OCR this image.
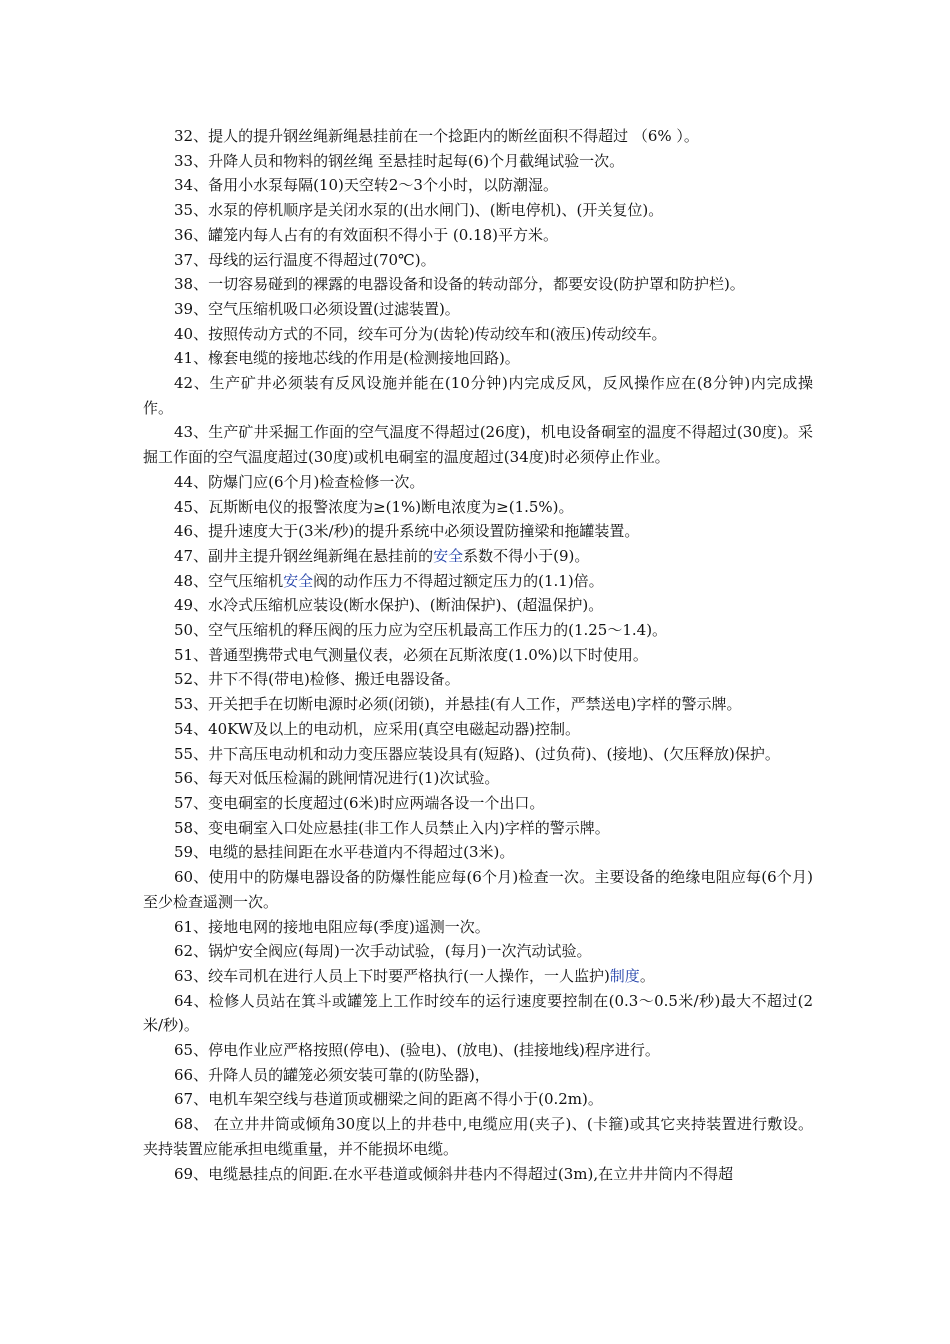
32、提人的提升钢丝绳新绳悬挂前在一个捻距内的断丝面积不得超过 （6% ）。

33、升降人员和物料的钢丝绳 至悬挂时起每(6)个月截绳试验一次。

34、备用小水泵每隔(10)天空转2～3个小时，以防潮湿。

35、水泵的停机顺序是关闭水泵的(出水闸门)、(断电停机)、(开关复位)。

36、罐笼内每人占有的有效面积不得小于 (0.18)平方米。

37、母线的运行温度不得超过(70℃)。

38、一切容易碰到的裸露的电器设备和设备的转动部分，都要安设(防护罩和防护栏)。

39、空气压缩机吸口必须设置(过滤装置)。

40、按照传动方式的不同，绞车可分为(齿轮)传动绞车和(液压)传动绞车。

41、橡套电缆的接地芯线的作用是(检测接地回路)。

42、生产矿井必须装有反风设施并能在(10分钟)内完成反风，反风操作应在(8分钟)内完成操作。

43、生产矿井采掘工作面的空气温度不得超过(26度)，机电设备硐室的温度不得超过(30度)。采掘工作面的空气温度超过(30度)或机电硐室的温度超过(34度)时必须停止作业。

44、防爆门应(6个月)检查检修一次。

45、瓦斯断电仪的报警浓度为≥(1%)断电浓度为≥(1.5%)。

46、提升速度大于(3米/秒)的提升系统中必须设置防撞梁和拖罐装置。

47、副井主提升钢丝绳新绳在悬挂前的安全系数不得小于(9)。

48、空气压缩机安全阀的动作压力不得超过额定压力的(1.1)倍。

49、水冷式压缩机应装设(断水保护)、(断油保护)、(超温保护)。

50、空气压缩机的释压阀的压力应为空压机最高工作压力的(1.25～1.4)。

51、普通型携带式电气测量仪表，必须在瓦斯浓度(1.0%)以下时使用。

52、井下不得(带电)检修、搬迁电器设备。

53、开关把手在切断电源时必须(闭锁)，并悬挂(有人工作，严禁送电)字样的警示牌。

54、40KW及以上的电动机，应采用(真空电磁起动器)控制。

55、井下高压电动机和动力变压器应装设具有(短路)、(过负荷)、(接地)、(欠压释放)保护。

56、每天对低压检漏的跳闸情况进行(1)次试验。

57、变电硐室的长度超过(6米)时应两端各设一个出口。

58、变电硐室入口处应悬挂(非工作人员禁止入内)字样的警示牌。

59、电缆的悬挂间距在水平巷道内不得超过(3米)。

60、使用中的防爆电器设备的防爆性能应每(6个月)检查一次。主要设备的绝缘电阻应每(6个月)至少检查遥测一次。

61、接地电网的接地电阻应每(季度)遥测一次。

62、锅炉安全阀应(每周)一次手动试验，(每月)一次汽动试验。

63、绞车司机在进行人员上下时要严格执行(一人操作，一人监护)制度。

64、检修人员站在箕斗或罐笼上工作时绞车的运行速度要控制在(0.3～0.5米/秒)最大不超过(2米/秒)。

65、停电作业应严格按照(停电)、(验电)、(放电)、(挂接地线)程序进行。

66、升降人员的罐笼必须安装可靠的(防坠器)，

67、电机车架空线与巷道顶或棚梁之间的距离不得小于(0.2m)。

68、 在立井井筒或倾角30度以上的井巷中,电缆应用(夹子)、(卡箍)或其它夹持装置进行敷设。夹持装置应能承担电缆重量，并不能损坏电缆。

69、电缆悬挂点的间距.在水平巷道或倾斜井巷内不得超过(3m),在立井井筒内不得超
